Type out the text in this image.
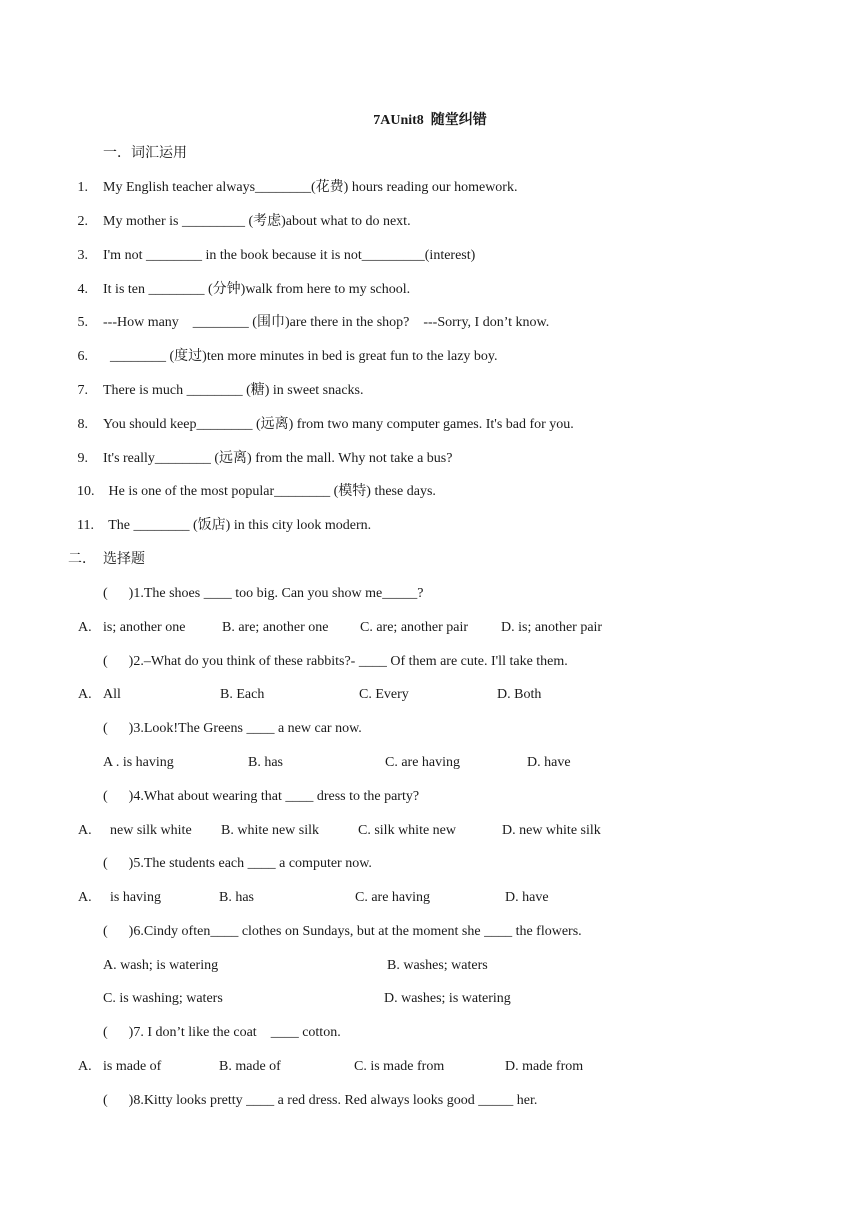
7AUnit8  随堂纠错
一．词汇运用
1. My English teacher always________(花费) hours reading our homework.
2. My mother is _________ (考虑)about what to do next.
3. I'm not ________ in the book because it is not_________(interest)
4. It is ten ________ (分钟)walk from here to my school.
5. ---How many    ________ (围巾)are there in the shop?    ---Sorry, I don’t know.
6. ________ (度过)ten more minutes in bed is great fun to the lazy boy.
7. There is much ________ (糖) in sweet snacks.
8. You should keep________ (远离) from two many computer games. It's bad for you.
9. It's really________ (远离) from the mall. Why not take a bus?
10. He is one of the most popular________ (模特) these days.
11. The ________ (饭店) in this city look modern.
二． 选择题
(      )1.The shoes ____ too big. Can you show me_____?
A. is; another one	B. are; another one C. are; another pair D. is; another pair
(      )2.–What do you think of these rabbits?- ____ Of them are cute. I'll take them.
A. All	B. Each	C. Every	D. Both
(      )3.Look!The Greens ____ a new car now.
A . is having	B. has	C. are having	D. have
(      )4.What about wearing that ____ dress to the party?
A. new silk white B. white new silk	C. silk white new	D. new white silk
(      )5.The students each ____ a computer now.
A. is having	B. has	C. are having	D. have
(      )6.Cindy often____ clothes on Sundays, but at the moment she ____ the flowers.
A. wash; is watering	B. washes; waters
C. is washing; waters	D. washes; is watering
(      )7. I don’t like the coat    ____ cotton.
A. is made of	B. made of	C. is made from	D. made from
(      )8.Kitty looks pretty ____ a red dress. Red always looks good _____ her.
